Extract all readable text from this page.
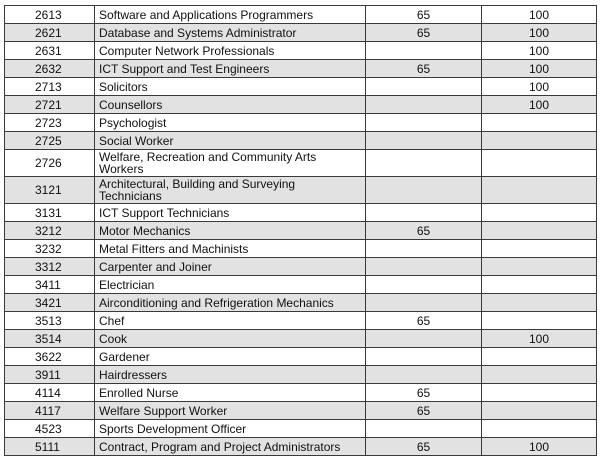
2613	Software and Applications Programmers	65	100
2621	Database and Systems Administrator	65	100
2631	Computer Network Professionals		100
2632	ICT Support and Test Engineers	65	100
2713	Solicitors		100
2721	Counsellors		100
2723	Psychologist		

2725	Social Worker		

2726	Welfare, Recreation and Community Arts Workers		

3121	Architectural, Building and Surveying Technicians		

3131	ICT Support Technicians		

3212	Motor Mechanics	65	
3232	Metal Fitters and Machinists		

3312	Carpenter and Joiner		

3411	Electrician		

3421	Airconditioning and Refrigeration Mechanics		

3513	Chef	65	
3514	Cook		100
3622	Gardener		

3911	Hairdressers		

4114	Enrolled Nurse	65	
4117	Welfare Support Worker	65	
4523	Sports Development Officer		

5111	Contract, Program and Project Administrators	65	100
